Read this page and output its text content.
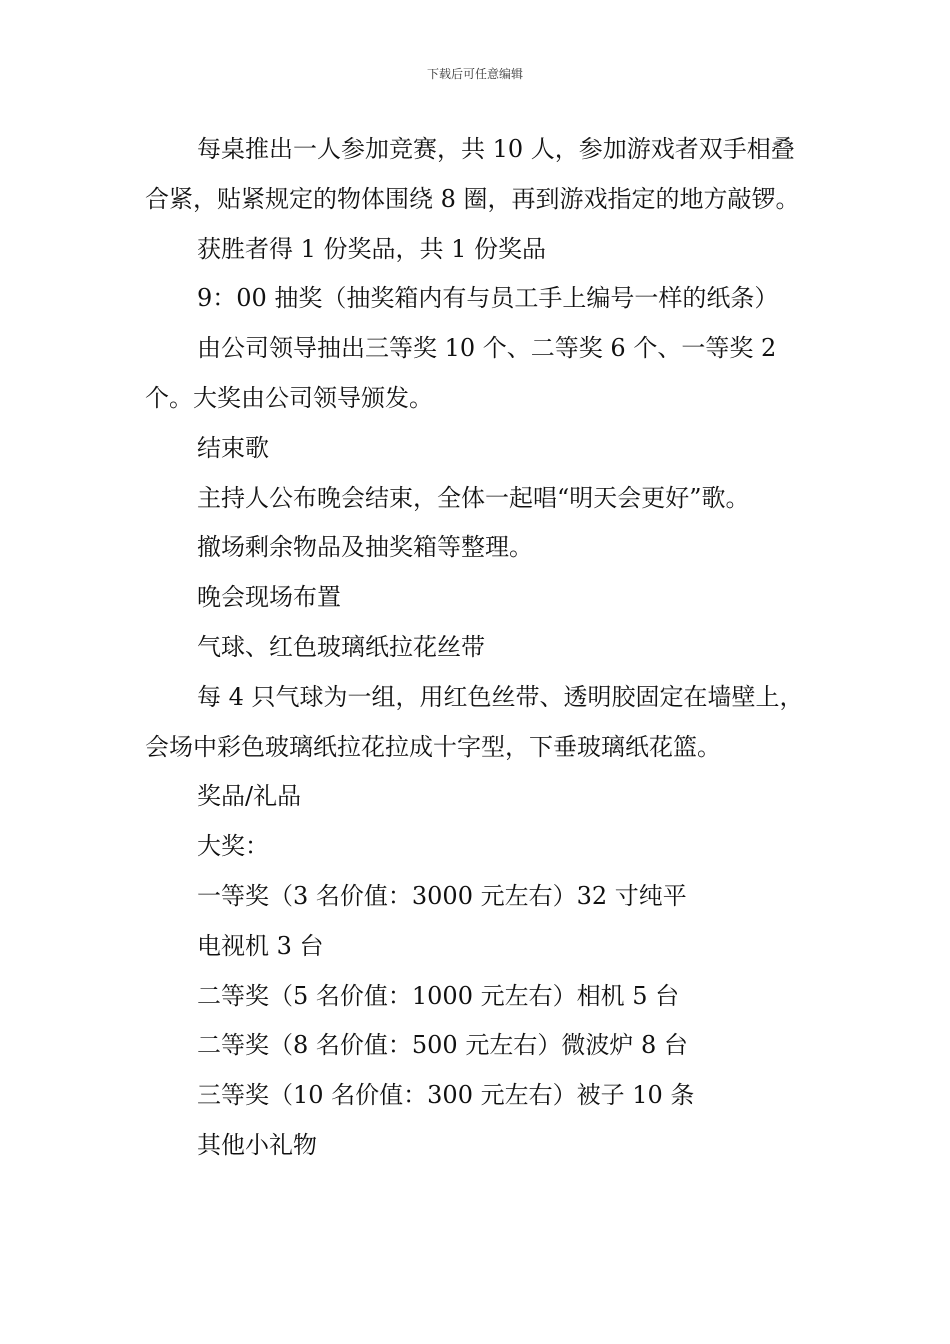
下载后可任意编辑

每桌推出一人参加竞赛，共 10 人，参加游戏者双手相叠合紧，贴紧规定的物体围绕 8 圈，再到游戏指定的地方敲锣。

获胜者得 1 份奖品，共 1 份奖品

9：00 抽奖（抽奖箱内有与员工手上编号一样的纸条）

由公司领导抽出三等奖 10 个、二等奖 6 个、一等奖 2 个。大奖由公司领导颁发。

结束歌

主持人公布晚会结束，全体一起唱“明天会更好”歌。

撤场剩余物品及抽奖箱等整理。

晚会现场布置

气球、红色玻璃纸拉花丝带

每 4 只气球为一组，用红色丝带、透明胶固定在墙壁上，会场中彩色玻璃纸拉花拉成十字型，下垂玻璃纸花篮。

奖品/礼品

大奖：

一等奖（3 名价值：3000 元左右）32 寸纯平

电视机 3 台

二等奖（5 名价值：1000 元左右）相机 5 台

二等奖（8 名价值：500 元左右）微波炉 8 台

三等奖（10 名价值：300 元左右）被子 10 条

其他小礼物
